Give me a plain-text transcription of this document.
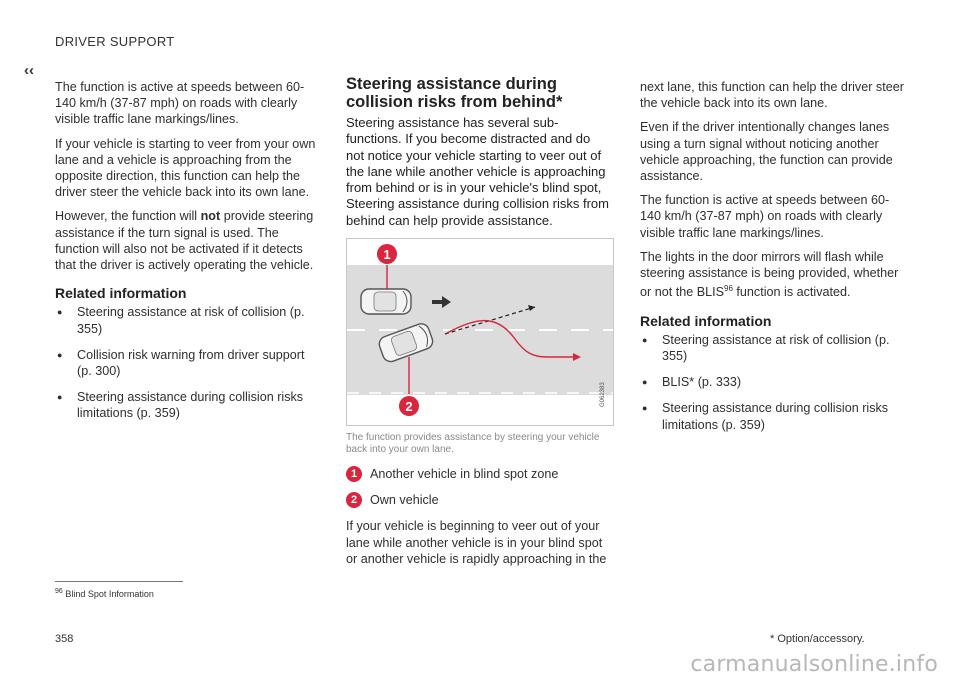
DRIVER SUPPORT
‹‹

The function is active at speeds between 60-140 km/h (37-87 mph) on roads with clearly visible traffic lane markings/lines.

If your vehicle is starting to veer from your own lane and a vehicle is approaching from the opposite direction, this function can help the driver steer the vehicle back into its own lane.

However, the function will not provide steering assistance if the turn signal is used. The function will also not be activated if it detects that the driver is actively operating the vehicle.

Related information
● Steering assistance at risk of collision (p. 355)
● Collision risk warning from driver support (p. 300)
● Steering assistance during collision risks limitations (p. 359)
Steering assistance during collision risks from behind*

Steering assistance has several sub-functions. If you become distracted and do not notice your vehicle starting to veer out of the lane while another vehicle is approaching from behind or is in your vehicle's blind spot, Steering assistance during collision risks from behind can help provide assistance.

1
2	G062383
The function provides assistance by steering your vehicle back into your own lane.
1	Another vehicle in blind spot zone
2	Own vehicle

If your vehicle is beginning to veer out of your lane while another vehicle is in your blind spot or another vehicle is rapidly approaching in the

next lane, this function can help the driver steer the vehicle back into its own lane.

Even if the driver intentionally changes lanes using a turn signal without noticing another vehicle approaching, the function can provide assistance.

The function is active at speeds between 60-140 km/h (37-87 mph) on roads with clearly visible traffic lane markings/lines.

The lights in the door mirrors will flash while steering assistance is being provided, whether or not the BLIS$^{96}$ function is activated.

Related information
● Steering assistance at risk of collision (p. 355)
● BLIS* (p. 333)
● Steering assistance during collision risks limitations (p. 359)
$^{96}$ Blind Spot Information
358	* Option/accessory.
carmanualsonline.info
